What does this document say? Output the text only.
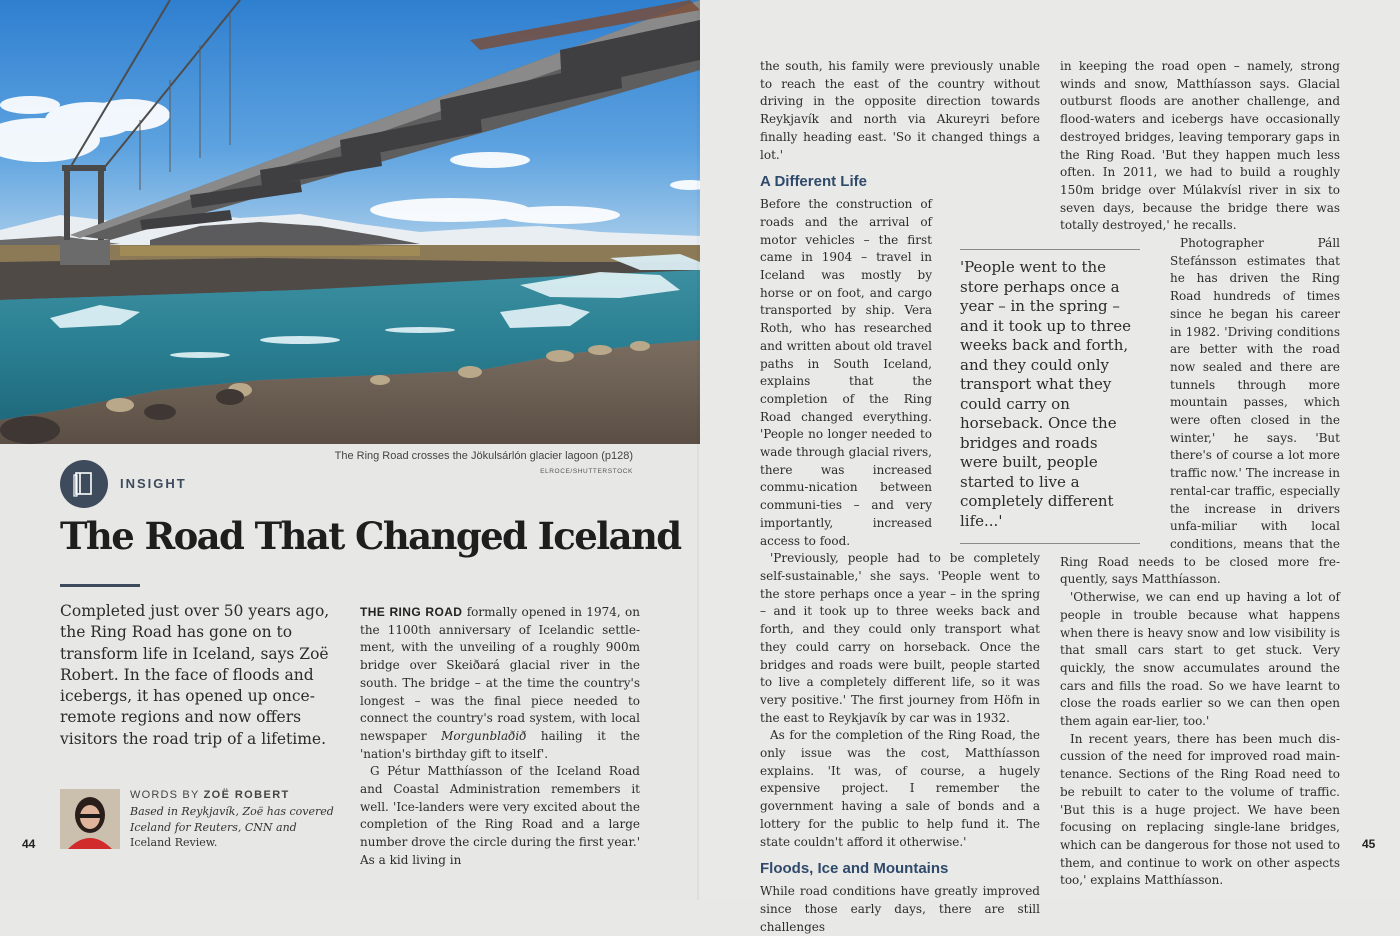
The Ring Road crosses the Jökulsárlón glacier lagoon (p128)
ELROCE/SHUTTERSTOCK
INSIGHT
The Road That Changed Iceland

Completed just over 50 years ago, the Ring Road has gone on to transform life in Iceland, says Zoë Robert. In the face of floods and icebergs, it has opened up once-remote regions and now offers visitors the road trip of a lifetime.

WORDS BY ZOË ROBERT
Based in Reykjavík, Zoë has covered Iceland for Reuters, CNN and Iceland Review.
44

THE RING ROAD formally opened in 1974, on the 1100th anniversary of Icelandic settle-ment, with the unveiling of a roughly 900m bridge over Skeiðará glacial river in the south. The bridge – at the time the country's longest – was the final piece needed to connect the country's road system, with local newspaper Morgunblaðið hailing it the 'nation's birthday gift to itself'.

G Pétur Matthíasson of the Iceland Road and Coastal Administration remembers it well. 'Ice-landers were very excited about the completion of the Ring Road and a large number drove the circle during the first year.' As a kid living in

the south, his family were previously unable to reach the east of the country without driving in the opposite direction towards Reykjavík and north via Akureyri before finally heading east. 'So it changed things a lot.'

A Different Life
Before the construction of roads and the arrival of motor vehicles – the first came in 1904 – travel in Iceland was mostly by horse or on foot, and cargo transported by ship. Vera Roth, who has researched and written about old travel paths in South Iceland, explains that the completion of the Ring Road changed everything. 'People no longer needed to wade through glacial rivers, there was increased commu-nication between communi-ties – and very importantly, increased access to food.

'Previously, people had to be completely self-sustainable,' she says. 'People went to the store perhaps once a year – in the spring – and it took up to three weeks back and forth, and they could only transport what they could carry on horseback. Once the bridges and roads were built, people started to live a completely different life, so it was very positive.' The first journey from Höfn in the east to Reykjavík by car was in 1932.

As for the completion of the Ring Road, the only issue was the cost, Matthíasson explains. 'It was, of course, a hugely expensive project. I remember the government having a sale of bonds and a lottery for the public to help fund it. The state couldn't afford it otherwise.'

Floods, Ice and Mountains

While road conditions have greatly improved since those early days, there are still challenges

'People went to the store perhaps once a year – in the spring – and it took up to three weeks back and forth, and they could only transport what they could carry on horseback. Once the bridges and roads were built, people started to live a completely different life...'

in keeping the road open – namely, strong winds and snow, Matthíasson says. Glacial outburst floods are another challenge, and flood-waters and icebergs have occasionally destroyed bridges, leaving temporary gaps in the Ring Road. 'But they happen much less often. In 2011, we had to build a roughly 150m bridge over Múlakvísl river in six to seven days, because the bridge there was totally destroyed,' he recalls.

Photographer Páll Stefánsson estimates that he has driven the Ring Road hundreds of times since he began his career in 1982. 'Driving conditions are better with the road now sealed and there are tunnels through more mountain passes, which were often closed in the winter,' he says. 'But there's of course a lot more traffic now.' The increase in rental-car traffic, especially the increase in drivers unfa-miliar with local conditions, means that the Ring Road needs to be closed more fre-quently, says Matthíasson.

'Otherwise, we can end up having a lot of people in trouble because what happens when there is heavy snow and low visibility is that small cars start to get stuck. Very quickly, the snow accumulates around the cars and fills the road. So we have learnt to close the roads earlier so we can then open them again ear-lier, too.'

In recent years, there has been much dis-cussion of the need for improved road main-tenance. Sections of the Ring Road need to be rebuilt to cater to the volume of traffic. 'But this is a huge project. We have been focusing on replacing single-lane bridges, which can be dangerous for those not used to them, and continue to work on other aspects too,' explains Matthíasson.

45
